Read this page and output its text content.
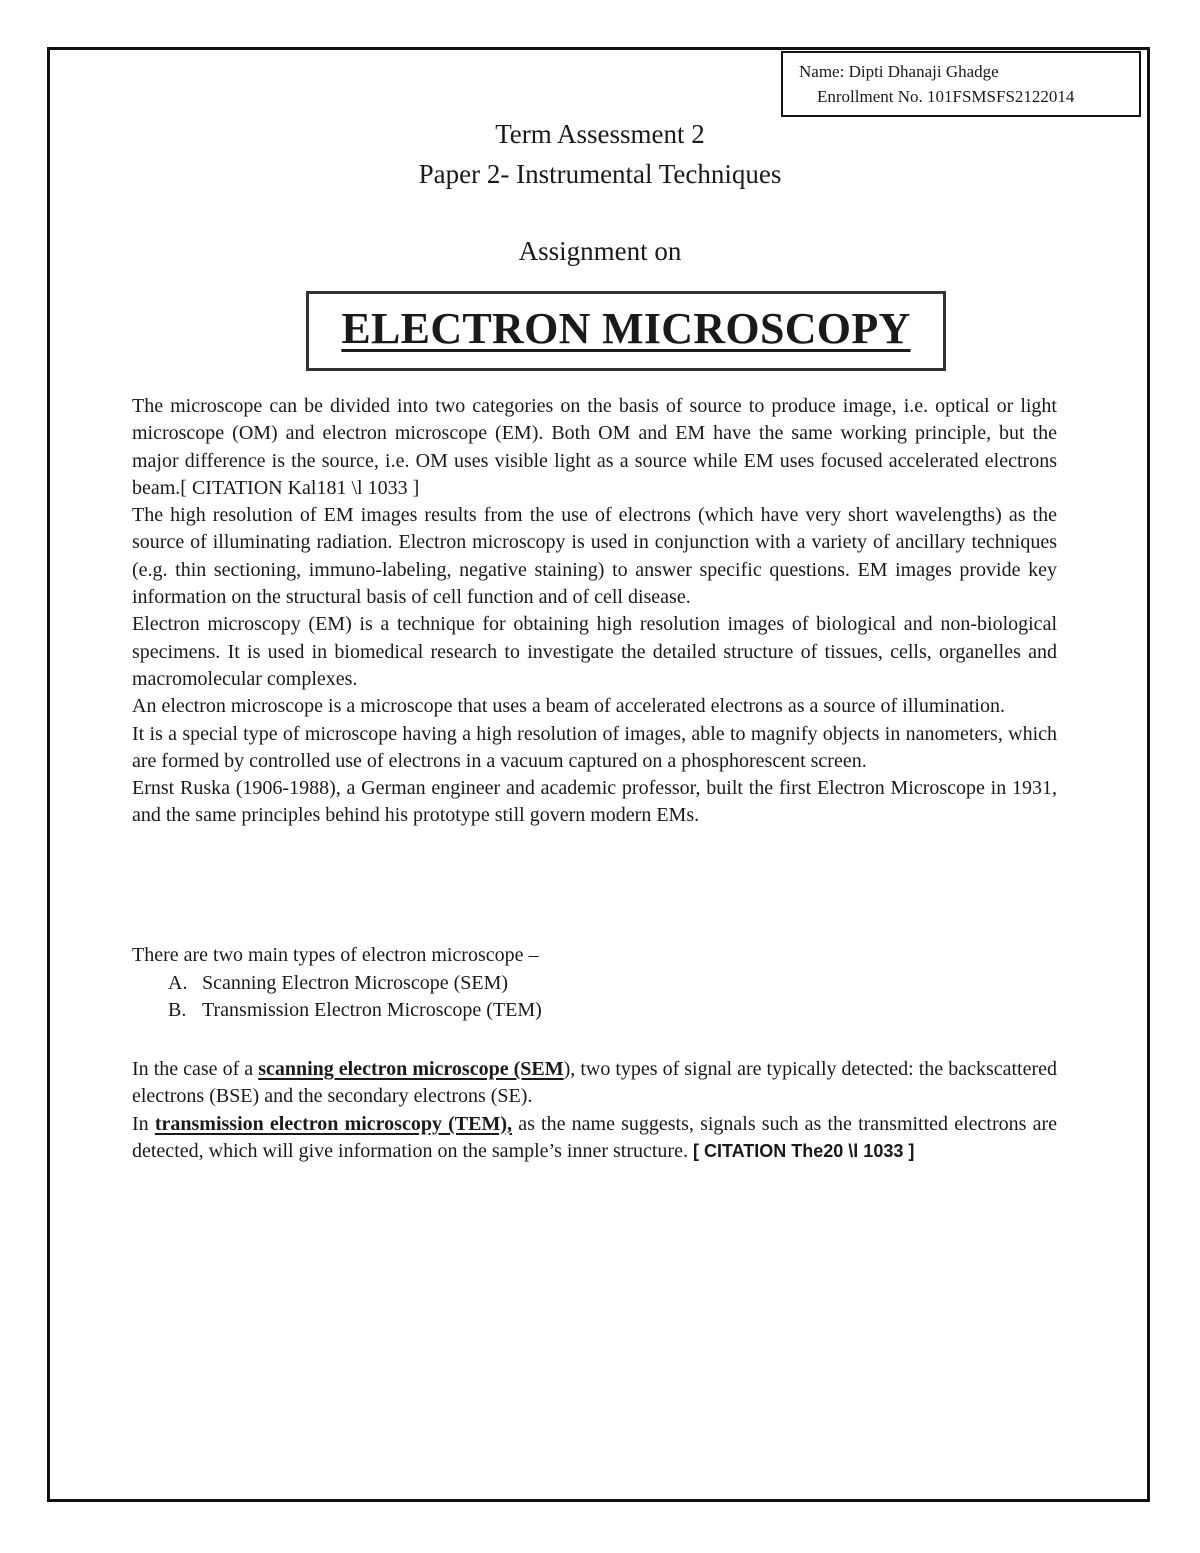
Name: Dipti Dhanaji Ghadge
Enrollment No. 101FSMSFS2122014
Term Assessment 2
Paper 2- Instrumental Techniques
Assignment on
ELECTRON MICROSCOPY

The microscope can be divided into two categories on the basis of source to produce image, i.e. optical or light microscope (OM) and electron microscope (EM). Both OM and EM have the same working principle, but the major difference is the source, i.e. OM uses visible light as a source while EM uses focused accelerated electrons beam.[ CITATION Kal181 \l 1033 ]

The high resolution of EM images results from the use of electrons (which have very short wavelengths) as the source of illuminating radiation. Electron microscopy is used in conjunction with a variety of ancillary techniques (e.g. thin sectioning, immuno-labeling, negative staining) to answer specific questions. EM images provide key information on the structural basis of cell function and of cell disease.

Electron microscopy (EM) is a technique for obtaining high resolution images of biological and non-biological specimens. It is used in biomedical research to investigate the detailed structure of tissues, cells, organelles and macromolecular complexes.

An electron microscope is a microscope that uses a beam of accelerated electrons as a source of illumination.

It is a special type of microscope having a high resolution of images, able to magnify objects in nanometers, which are formed by controlled use of electrons in a vacuum captured on a phosphorescent screen.

Ernst Ruska (1906-1988), a German engineer and academic professor, built the first Electron Microscope in 1931, and the same principles behind his prototype still govern modern EMs.

There are two main types of electron microscope –
A. Scanning Electron Microscope (SEM)
B. Transmission Electron Microscope (TEM)

In the case of a scanning electron microscope (SEM), two types of signal are typically detected: the backscattered electrons (BSE) and the secondary electrons (SE).

In transmission electron microscopy (TEM), as the name suggests, signals such as the transmitted electrons are detected, which will give information on the sample’s inner structure. [ CITATION The20 \l 1033 ]
